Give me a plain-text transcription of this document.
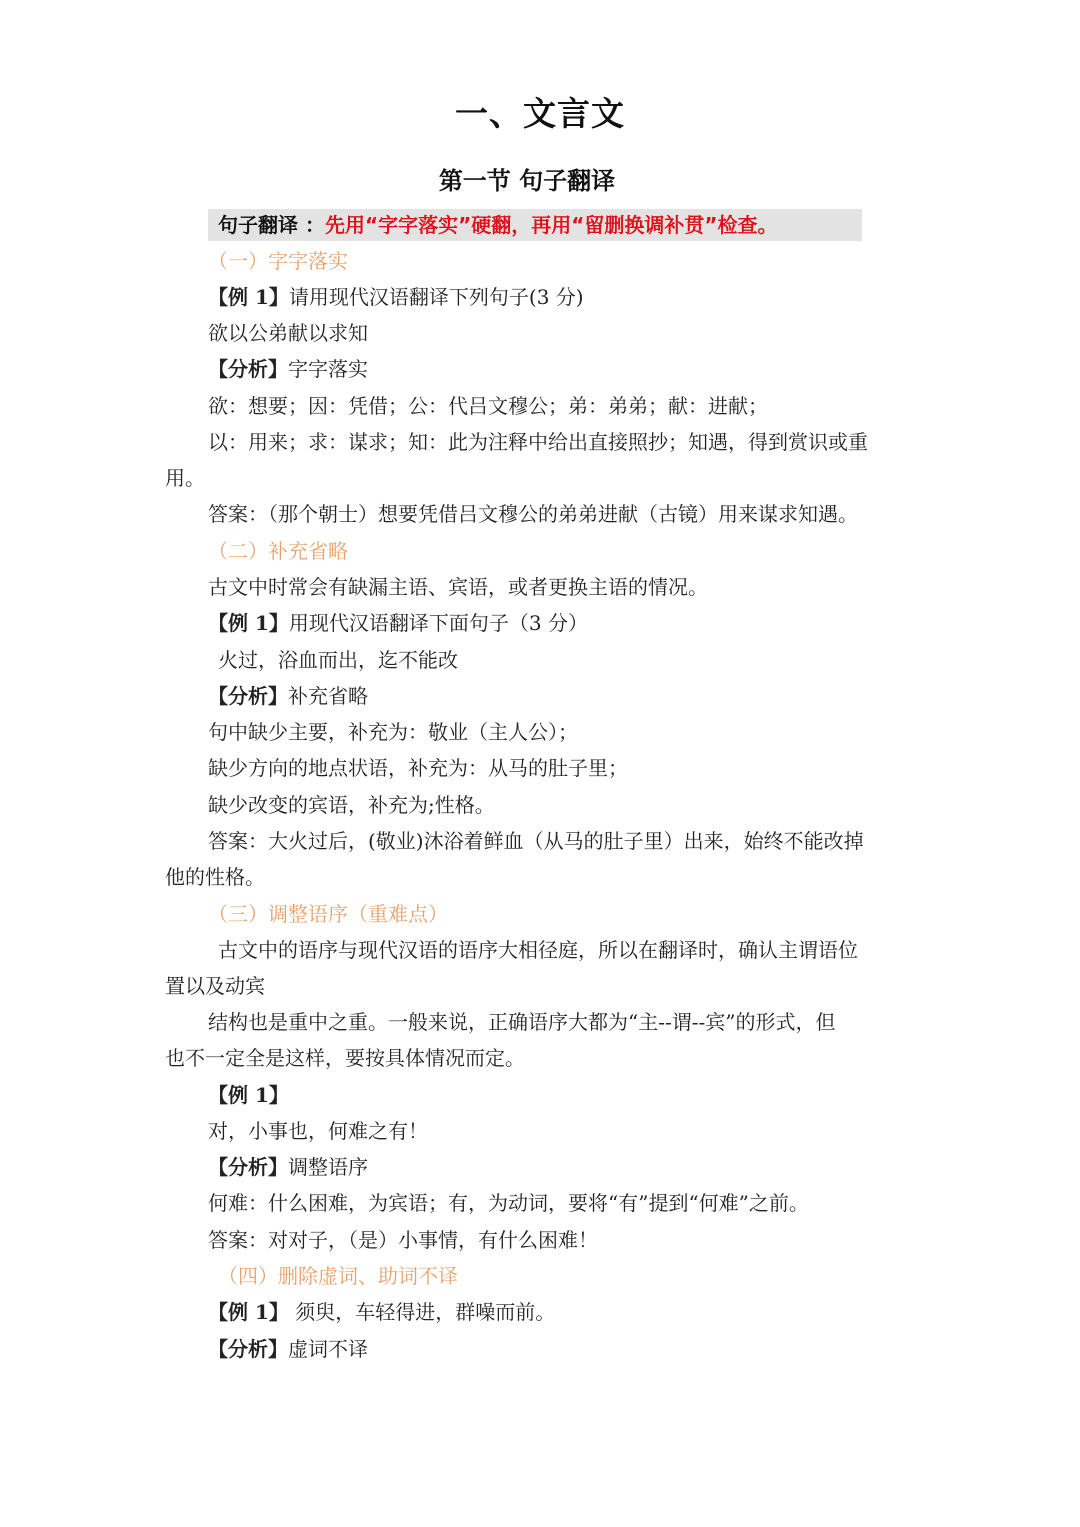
一、文言文
第一节 句子翻译
句子翻译 ：先用“字字落实”硬翻，再用“留删换调补贯”检查。
（一）字字落实
【例 1】请用现代汉语翻译下列句子(3 分)
欲以公弟献以求知
【分析】字字落实
欲：想要；因：凭借；公：代吕文穆公；弟：弟弟；献：进献；
以：用来；求：谋求；知：此为注释中给出直接照抄；知遇，得到赏识或重
用。
答案：（那个朝士）想要凭借吕文穆公的弟弟进献（古镜）用来谋求知遇。
（二）补充省略
古文中时常会有缺漏主语、宾语，或者更换主语的情况。
【例 1】用现代汉语翻译下面句子（3 分）
火过，浴血而出，迄不能改
【分析】补充省略
句中缺少主要，补充为：敬业（主人公）；
缺少方向的地点状语，补充为：从马的肚子里；
缺少改变的宾语，补充为;性格。
答案：大火过后，(敬业)沐浴着鲜血（从马的肚子里）出来，始终不能改掉
他的性格。
（三）调整语序（重难点）
古文中的语序与现代汉语的语序大相径庭，所以在翻译时，确认主谓语位
置以及动宾
结构也是重中之重。一般来说，正确语序大都为“主--谓--宾”的形式，但
也不一定全是这样，要按具体情况而定。
【例 1】
对，小事也，何难之有！
【分析】调整语序
何难：什么困难，为宾语；有，为动词，要将“有”提到“何难”之前。
答案：对对子，（是）小事情，有什么困难！
（四）删除虚词、助词不译
【例 1】 须臾，车轻得进，群噪而前。
【分析】虚词不译
